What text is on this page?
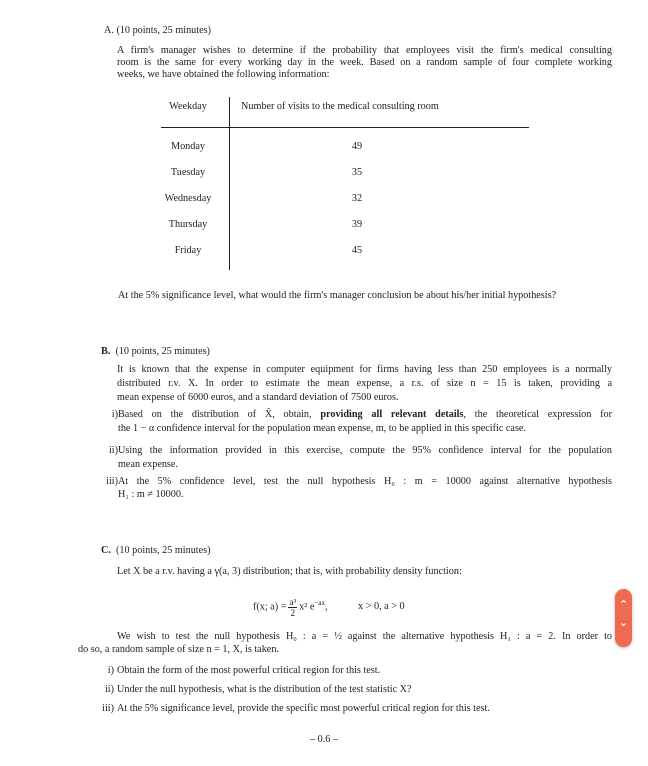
A. (10 points, 25 minutes)
A firm's manager wishes to determine if the probability that employees visit the firm's medical consulting
room is the same for every working day in the week. Based on a random sample of four complete working
weeks, we have obtained the following information:
Weekday	Number of visits to the medical consulting room
Monday	49
Tuesday	35
Wednesday	32
Thursday	39
Friday	45
At the 5% significance level, what would the firm's manager conclusion be about his/her initial hypothesis?
B. (10 points, 25 minutes)
It is known that the expense in computer equipment for firms having less than 250 employees is a normally
distributed r.v. X. In order to estimate the mean expense, a r.s. of size n = 15 is taken, providing a
mean expense of 6000 euros, and a standard deviation of 7500 euros.
i) Based on the distribution of X̄, obtain, providing all relevant details, the theoretical expression for
the 1 − α confidence interval for the population mean expense, m, to be applied in this specific case.
ii) Using the information provided in this exercise, compute the 95% confidence interval for the population
mean expense.
iii) At the 5% confidence level, test the null hypothesis H₀ : m = 10000 against alternative hypothesis
H₁ : m ≠ 10000.
C. (10 points, 25 minutes)
Let X be a r.v. having a γ(a, 3) distribution; that is, with probability density function:
f(x; $a) = \frac{\text{a³}}{2} x^2$ $e^{-ax}$,	x > 0, a > 0
We wish to test the null hypothesis H₀ : a = ½ against the alternative hypothesis H₁ : a = 2. In order to
do so, a random sample of size n = 1, X, is taken.
i) Obtain the form of the most powerful critical region for this test.
ii) Under the null hypothesis, what is the distribution of the test statistic X?
iii) At the 5% significance level, provide the specific most powerful critical region for this test.
– 0.6 –
⌃
⌄
